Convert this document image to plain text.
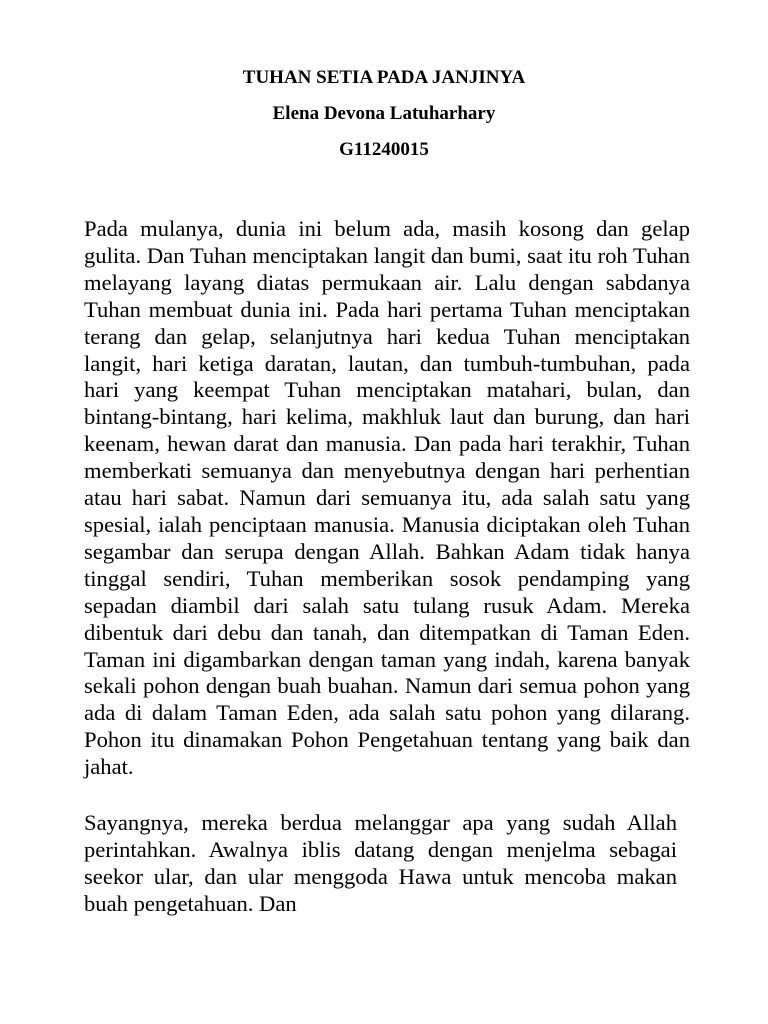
TUHAN SETIA PADA JANJINYA

Elena Devona Latuharhary

G11240015

Pada mulanya, dunia ini belum ada, masih kosong dan gelap gulita. Dan Tuhan menciptakan langit dan bumi, saat itu roh Tuhan melayang layang diatas permukaan air. Lalu dengan sabdanya Tuhan membuat dunia ini. Pada hari pertama Tuhan menciptakan terang dan gelap, selanjutnya hari kedua Tuhan menciptakan langit, hari ketiga daratan, lautan, dan tumbuh-tumbuhan, pada hari yang keempat Tuhan menciptakan matahari, bulan, dan bintang-bintang, hari kelima, makhluk laut dan burung, dan hari keenam, hewan darat dan manusia. Dan pada hari terakhir, Tuhan memberkati semuanya dan menyebutnya dengan hari perhentian atau hari sabat. Namun dari semuanya itu, ada salah satu yang spesial, ialah penciptaan manusia. Manusia diciptakan oleh Tuhan segambar dan serupa dengan Allah. Bahkan Adam tidak hanya tinggal sendiri, Tuhan memberikan sosok pendamping yang sepadan diambil dari salah satu tulang rusuk Adam. Mereka dibentuk dari debu dan tanah, dan ditempatkan di Taman Eden. Taman ini digambarkan dengan taman yang indah, karena banyak sekali pohon dengan buah buahan. Namun dari semua pohon yang ada di dalam Taman Eden, ada salah satu pohon yang dilarang. Pohon itu dinamakan Pohon Pengetahuan tentang yang baik dan jahat.

Sayangnya, mereka berdua melanggar apa yang sudah Allah perintahkan. Awalnya iblis datang dengan menjelma sebagai seekor ular, dan ular menggoda Hawa untuk mencoba makan buah pengetahuan. Dan
